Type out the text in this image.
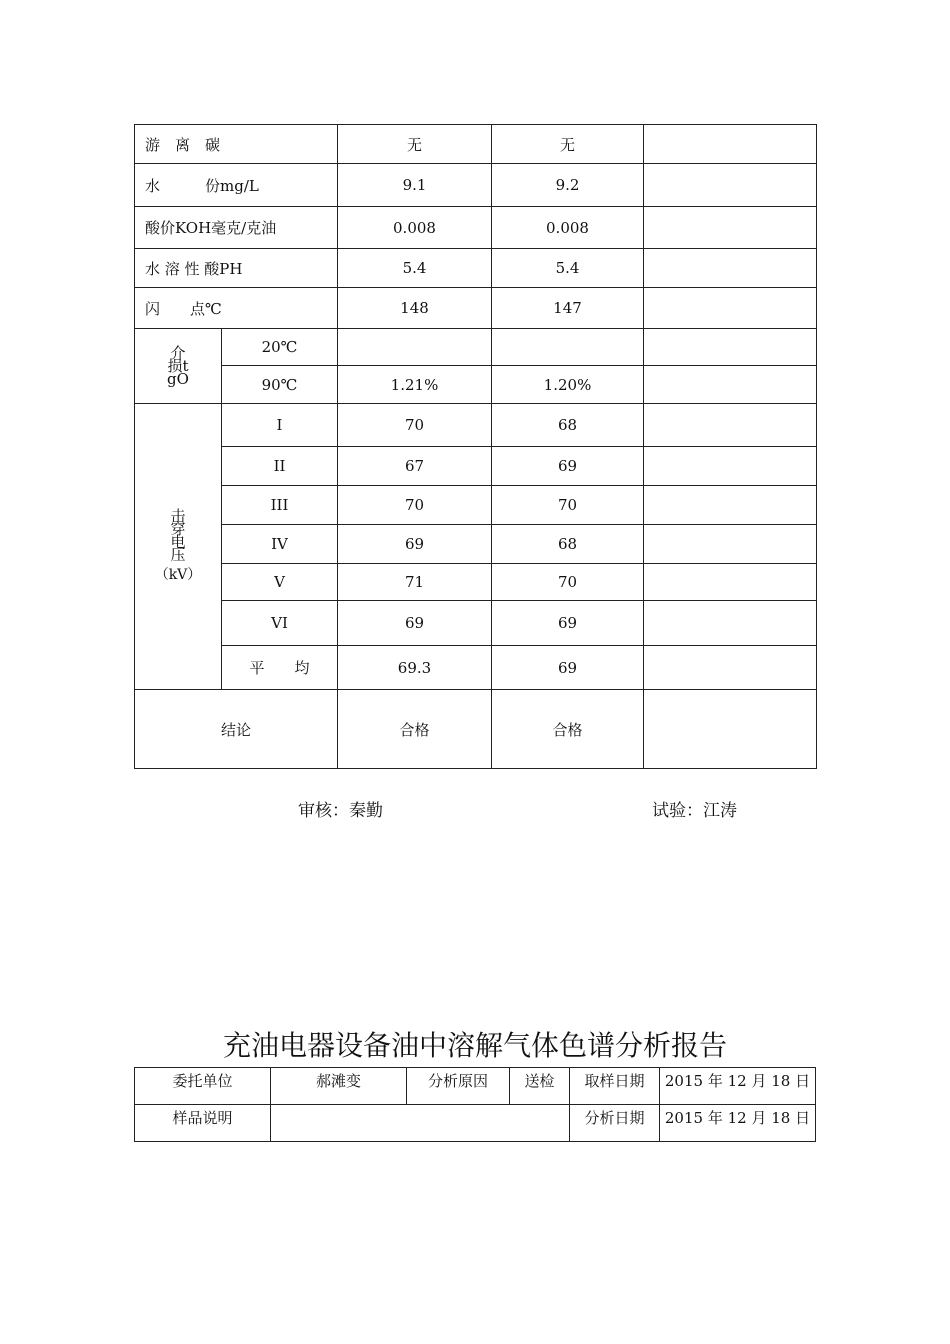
游　离　碳		无	无	
水　　　份mg/L		9.1	9.2	
酸价KOH毫克/克油		0.008	0.008	
水 溶 性 酸PH		5.4	5.4	
闪　　点℃		148	147	

介损tgO	20℃			
	90℃	1.21%	1.20%	

击穿电压
（kV）	I	70	68	
	II	67	69	
	III	70	70	
	IV	69	68	
	V	71	70	
	VI	69	69	
	平　　均	69.3	69	
结论		合格	合格	
审核：秦勤	试验：江涛
充油电器设备油中溶解气体色谱分析报告
委托单位	郝滩变	分析原因	送检	取样日期	2015 年 12 月 18 日
样品说明				分析日期	2015 年 12 月 18 日
